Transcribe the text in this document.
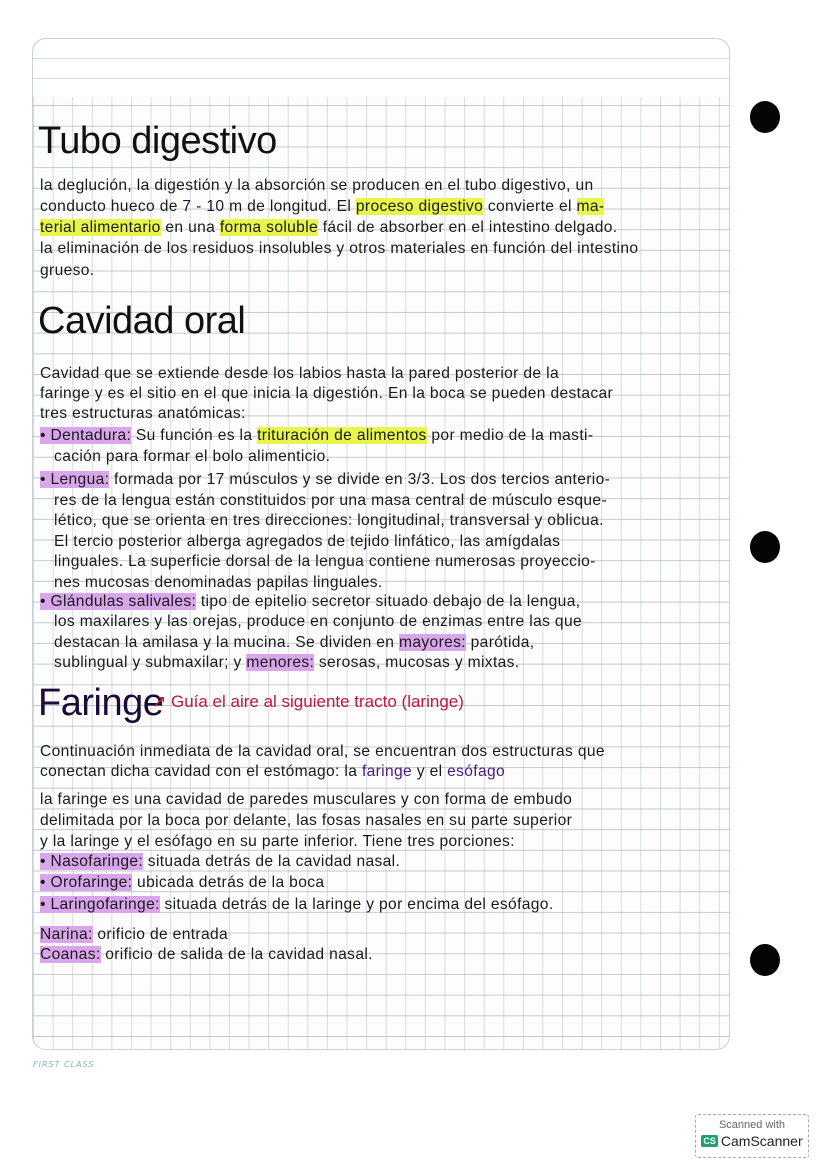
Tubo digestivo
la deglución, la digestión y la absorción se producen en el tubo digestivo, un
conducto hueco de 7 - 10 m de longitud. El proceso digestivo convierte el ma-
terial alimentario en una forma soluble fácil de absorber en el intestino delgado.
la eliminación de los residuos insolubles y otros materiales en función del intestino
grueso.
Cavidad oral
Cavidad que se extiende desde los labios hasta la pared posterior de la
faringe y es el sitio en el que inicia la digestión. En la boca se pueden destacar
tres estructuras anatómicas:
• Dentadura: Su función es la trituración de alimentos por medio de la masti-
cación para formar el bolo alimenticio.
• Lengua: formada por 17 músculos y se divide en 3/3. Los dos tercios anterio-
res de la lengua están constituidos por una masa central de músculo esque-
lético, que se orienta en tres direcciones: longitudinal, transversal y oblicua.
El tercio posterior alberga agregados de tejido linfático, las amígdalas
linguales. La superficie dorsal de la lengua contiene numerosas proyeccio-
nes mucosas denominadas papilas linguales.
• Glándulas salivales: tipo de epitelio secretor situado debajo de la lengua,
los maxilares y las orejas, produce en conjunto de enzimas entre las que
destacan la amilasa y la mucina. Se dividen en mayores: parótida,
sublingual y submaxilar; y menores: serosas, mucosas y mixtas.
Faringe
Continuación inmediata de la cavidad oral, se encuentran dos estructuras que
conectan dicha cavidad con el estómago: la faringe y el esófago
la faringe es una cavidad de paredes musculares y con forma de embudo
delimitada por la boca por delante, las fosas nasales en su parte superior
y la laringe y el esófago en su parte inferior. Tiene tres porciones:
• Nasofaringe: situada detrás de la cavidad nasal.
• Orofaringe: ubicada detrás de la boca
• Laringofaringe: situada detrás de la laringe y por encima del esófago.
Narina: orificio de entrada
Coanas: orificio de salida de la cavidad nasal.
↗ Guía el aire al siguiente tracto (laringe)
FIRST CLASS
Scanned with
CS CamScanner
